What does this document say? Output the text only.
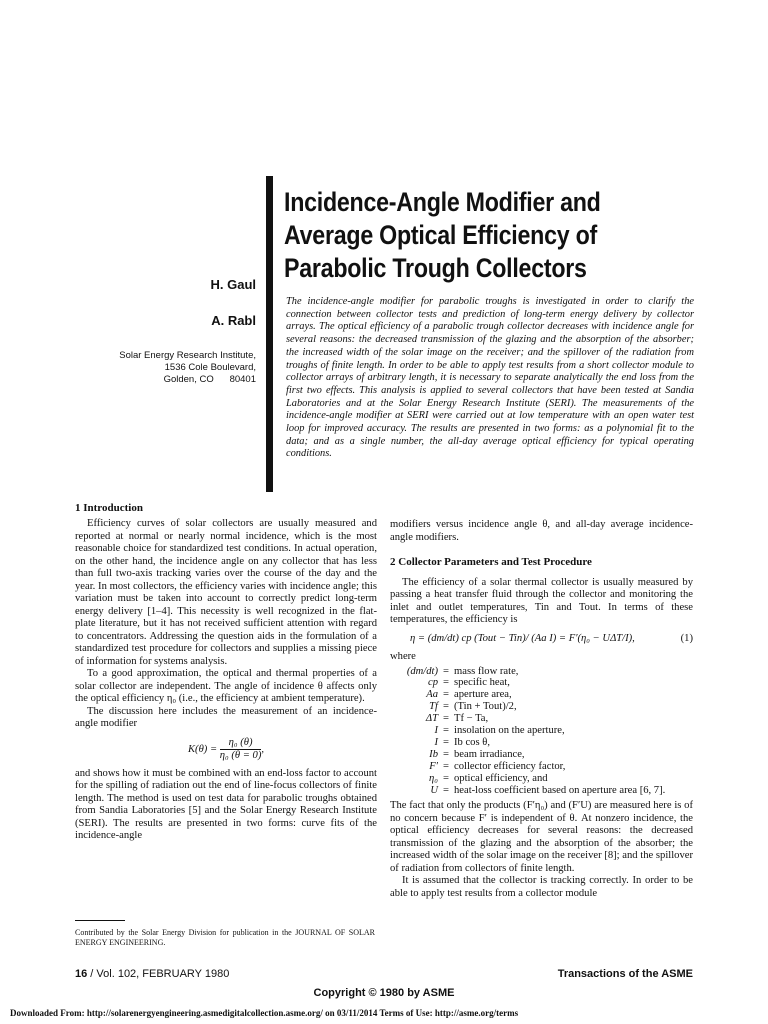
Incidence-Angle Modifier and
Average Optical Efficiency of
Parabolic Trough Collectors
H. Gaul
A. Rabl
Solar Energy Research Institute,
1536 Cole Boulevard,
Golden, CO      80401
The incidence-angle modifier for parabolic troughs is investigated in order to clarify the connection between collector tests and prediction of long-term energy delivery by collector arrays. The optical efficiency of a parabolic trough collector decreases with incidence angle for several reasons: the decreased transmission of the glazing and the absorption of the absorber; the increased width of the solar image on the receiver; and the spillover of the radiation from troughs of finite length. In order to be able to apply test results from a short collector module to collector arrays of arbitrary length, it is necessary to separate analytically the end loss from the first two effects. This analysis is applied to several collectors that have been tested at Sandia Laboratories and at the Solar Energy Research Institute (SERI). The measurements of the incidence-angle modifier at SERI were carried out at low temperature with an open water test loop for improved accuracy. The results are presented in two forms: as a polynomial fit to the data; and as a single number, the all-day average optical efficiency for typical operating conditions.
1 Introduction

Efficiency curves of solar collectors are usually measured and reported at normal or nearly normal incidence, which is the most reasonable choice for standardized test conditions. In actual operation, on the other hand, the incidence angle on any collector that has less than full two-axis tracking varies over the course of the day and the year. In most collectors, the efficiency varies with incidence angle; this variation must be taken into account to correctly predict long-term energy delivery [1–4]. This necessity is well recognized in the flat-plate literature, but it has not received sufficient attention with regard to concentrators. Addressing the question aids in the formulation of a standardized test procedure for collectors and supplies a missing piece of information for systems analysis.

To a good approximation, the optical and thermal properties of a solar collector are independent. The angle of incidence θ affects only the optical efficiency η₀ (i.e., the efficiency at ambient temperature).

The discussion here includes the measurement of an incidence-angle modifier

$K(\theta) = \frac{\text{η₀ (θ)}}{\text{η₀ (θ = 0)}}$ ,

and shows how it must be combined with an end-loss factor to account for the spilling of radiation out the end of line-focus collectors of finite length. The method is used on test data for parabolic troughs obtained from Sandia Laboratories [5] and the Solar Energy Research Institute (SERI). The results are presented in two forms: curve fits of the incidence-angle

modifiers versus incidence angle θ, and all-day average incidence-angle modifiers.

2 Collector Parameters and Test Procedure

The efficiency of a solar thermal collector is usually measured by passing a heat transfer fluid through the collector and monitoring the inlet and outlet temperatures, Tin and Tout. In terms of these temperatures, the efficiency is

η = (dm/dt) cp (Tout − Tin)/ (Aa I) = F′(η₀ − UΔT/I),	(1)

where

(dm/dt) = mass flow rate,
cp = specific heat,
Aa = aperture area,
Tf = (Tin + Tout)/2,
ΔT = Tf − Ta,
I = insolation on the aperture,
I = Ib cos θ,
Ib = beam irradiance,
F′ = collector efficiency factor,
η₀ = optical efficiency, and
U = heat-loss coefficient based on aperture area [6, 7].

The fact that only the products (F′η₀) and (F′U) are measured here is of no concern because F′ is independent of θ. At nonzero incidence, the optical efficiency decreases for several reasons: the decreased transmission of the glazing and the absorption of the absorber; the increased width of the solar image on the receiver [8]; and the spillover of radiation from collectors of finite length.

It is assumed that the collector is tracking correctly. In order to be able to apply test results from a collector module

Contributed by the Solar Energy Division for publication in the JOURNAL OF SOLAR ENERGY ENGINEERING.
16 / Vol. 102, FEBRUARY 1980	Transactions of the ASME
Copyright © 1980 by ASME
Downloaded From: http://solarenergyengineering.asmedigitalcollection.asme.org/ on 03/11/2014 Terms of Use: http://asme.org/terms
